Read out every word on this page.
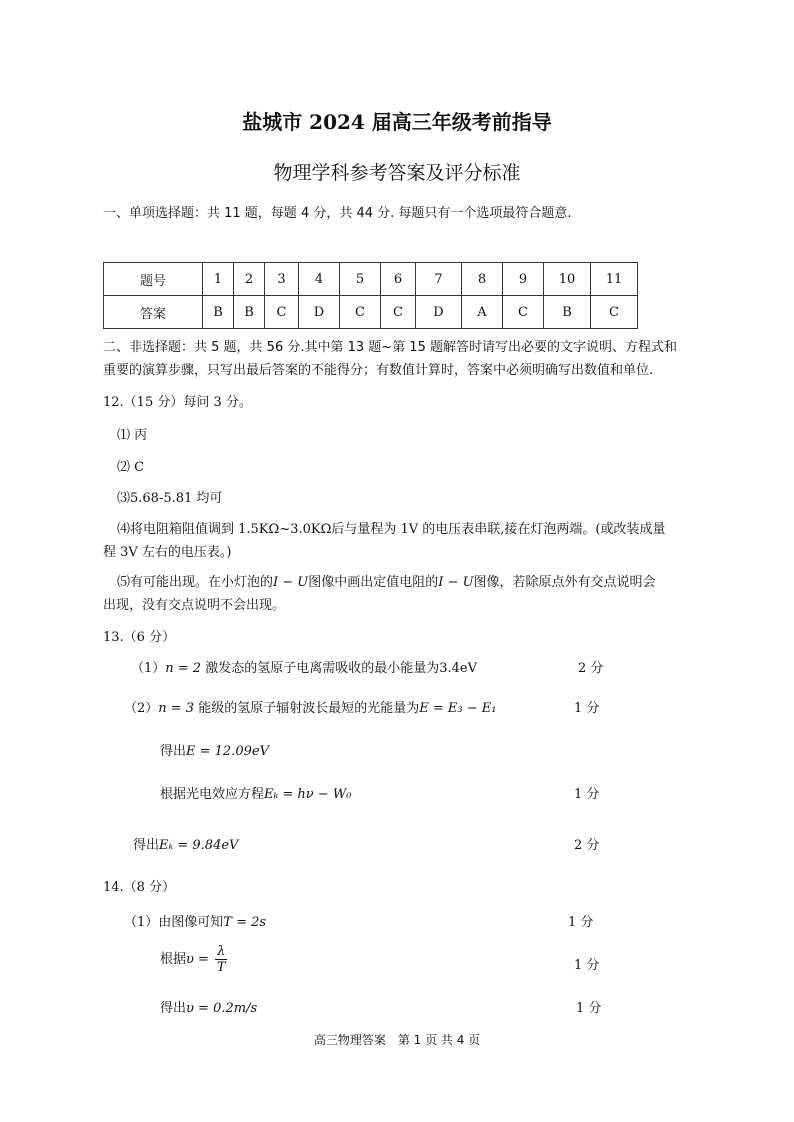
盐城市 2024 届高三年级考前指导
物理学科参考答案及评分标准
一、单项选择题：共 11 题，每题 4 分，共 44 分. 每题只有一个选项最符合题意.
题号	1	2	3	4	5	6	7	8	9	10	11
答案	B	B	C	D	C	C	D	A	C	B	C
二、非选择题：共 5 题，共 56 分.其中第 13 题~第 15 题解答时请写出必要的文字说明、方程式和
重要的演算步骤，只写出最后答案的不能得分；有数值计算时，答案中必须明确写出数值和单位.
12.（15 分）每问 3 分。
⑴ 丙
⑵ C
⑶5.68-5.81 均可
⑷将电阻箱阻值调到 1.5KΩ~3.0KΩ后与量程为 1V 的电压表串联,接在灯泡两端。(或改装成量
程 3V 左右的电压表。)
⑸有可能出现。在小灯泡的I − U图像中画出定值电阻的I − U图像，若除原点外有交点说明会
出现，没有交点说明不会出现。
13.（6 分）
（1）n = 2 激发态的氢原子电离需吸收的最小能量为3.4eV	2 分
（2）n = 3 能级的氢原子辐射波长最短的光能量为E = E₃ − E₁	1 分
得出E = 12.09eV
根据光电效应方程Eₖ = hν − W₀	1 分
得出Eₖ = 9.84eV	2 分
14.（8 分）
（1）由图像可知T = 2s	1 分
根据$\upsilon = \frac{\lambda}{T}$	1 分
得出υ = 0.2m/s	1 分
高三物理答案　第 1 页 共 4 页
